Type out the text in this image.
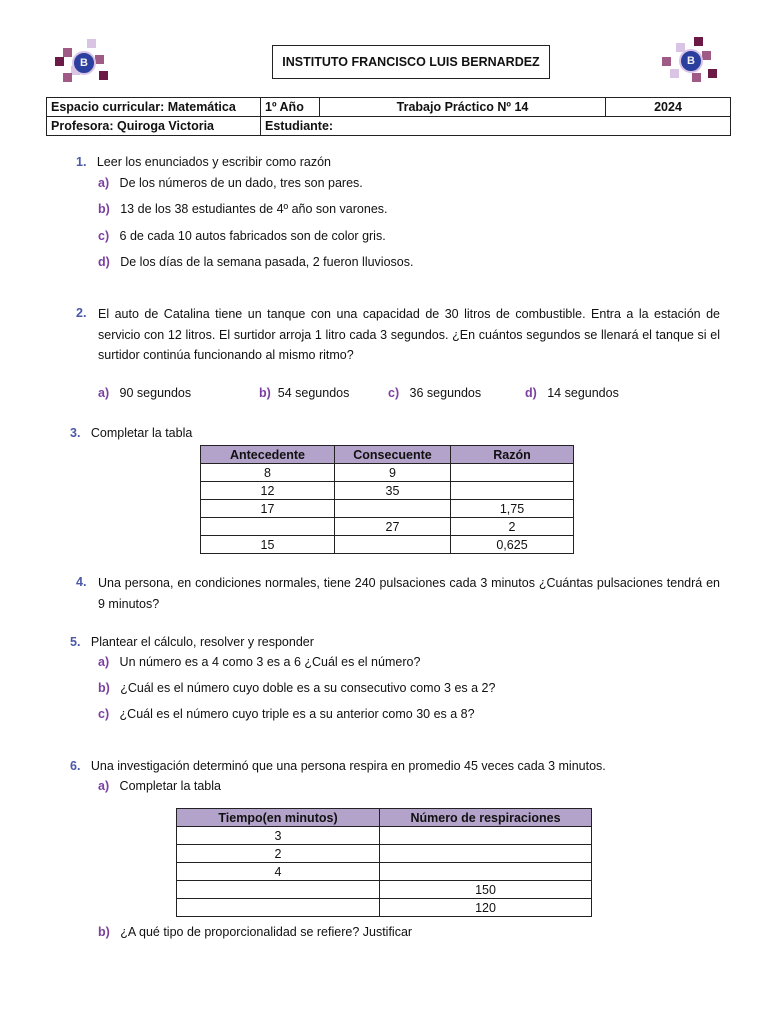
B	INSTITUTO FRANCISCO LUIS BERNARDEZ	B
Espacio curricular: Matemática	1º Año	Trabajo Práctico Nº 14	2024
Profesora: Quiroga Victoria	Estudiante:		
1. Leer los enunciados y escribir como razón
a) De los números de un dado, tres son pares.
b) 13 de los 38 estudiantes de 4º año son varones.
c) 6 de cada 10 autos fabricados son de color gris.
d) De los días de la semana pasada, 2 fueron lluviosos.
2. El auto de Catalina tiene un tanque con una capacidad de 30 litros de combustible. Entra a la estación de servicio con 12 litros. El surtidor arroja 1 litro cada 3 segundos. ¿En cuántos segundos se llenará el tanque si el surtidor continúa funcionando al mismo ritmo?
a) 90 segundos	b) 54 segundos	c) 36 segundos	d) 14 segundos
3. Completar la tabla
Antecedente	Consecuente	Razón
8	9	
12	35	
17		1,75
	27	2
15		0,625
4. Una persona, en condiciones normales, tiene 240 pulsaciones cada 3 minutos ¿Cuántas pulsaciones tendrá en 9 minutos?
5. Plantear el cálculo, resolver y responder
a) Un número es a 4 como 3 es a 6 ¿Cuál es el número?
b) ¿Cuál es el número cuyo doble es a su consecutivo como 3 es a 2?
c) ¿Cuál es el número cuyo triple es a su anterior como 30 es a 8?
6. Una investigación determinó que una persona respira en promedio 45 veces cada 3 minutos.
a) Completar la tabla
Tiempo(en minutos)	Número de respiraciones
3	
2	
4	
	150
	120
b) ¿A qué tipo de proporcionalidad se refiere? Justificar
